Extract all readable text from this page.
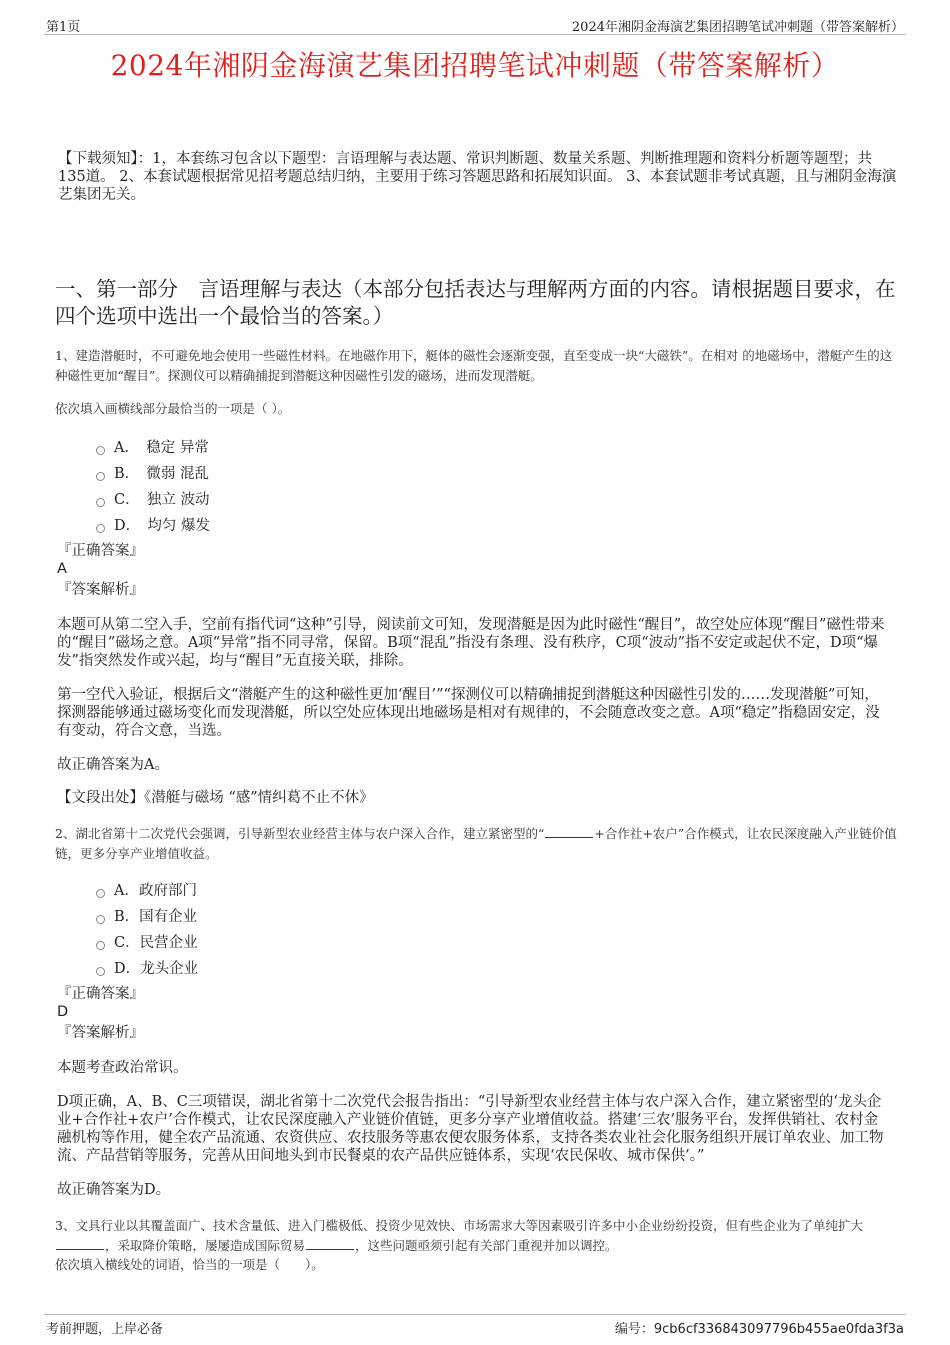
第1页	2024年湘阴金海演艺集团招聘笔试冲刺题（带答案解析）
2024年湘阴金海演艺集团招聘笔试冲刺题（带答案解析）
【下载须知】：1，本套练习包含以下题型：言语理解与表达题、常识判断题、数量关系题、判断推理题和资料分析题等题型；共135道。 2、本套试题根据常见招考题总结归纳，主要用于练习答题思路和拓展知识面。 3、本套试题非考试真题，且与湘阴金海演艺集团无关。
一、第一部分　言语理解与表达（本部分包括表达与理解两方面的内容。请根据题目要求，在四个选项中选出一个最恰当的答案。）
1、建造潜艇时，不可避免地会使用一些磁性材料。在地磁作用下，艇体的磁性会逐渐变强，直至变成一块“大磁铁”。在相对 的地磁场中，潜艇产生的这种磁性更加“醒目”。探测仪可以精确捕捉到潜艇这种因磁性引发的磁场，进而发现潜艇。
依次填入画横线部分最恰当的一项是（ ）。
A．　稳定 异常
B．　微弱 混乱
C．　独立 波动
D．　均匀 爆发
『正确答案』
A
『答案解析』
本题可从第二空入手，空前有指代词“这种”引导，阅读前文可知，发现潜艇是因为此时磁性“醒目”，故空处应体现“醒目”磁性带来的“醒目”磁场之意。A项“异常”指不同寻常，保留。B项“混乱”指没有条理、没有秩序，C项“波动”指不安定或起伏不定，D项“爆发”指突然发作或兴起，均与“醒目”无直接关联，排除。
第一空代入验证，根据后文“潜艇产生的这种磁性更加‘醒目’”“探测仪可以精确捕捉到潜艇这种因磁性引发的……发现潜艇”可知，探测器能够通过磁场变化而发现潜艇，所以空处应体现出地磁场是相对有规律的，不会随意改变之意。A项“稳定”指稳固安定，没有变动，符合文意，当选。
故正确答案为A。
【文段出处】《潜艇与磁场 “感”情纠葛不止不休》
2、湖北省第十二次党代会强调，引导新型农业经营主体与农户深入合作，建立紧密型的“	+合作社+农户”合作模式，让农民深度融入产业链价值链，更多分享产业增值收益。
A．政府部门
B．国有企业
C．民营企业
D．龙头企业
『正确答案』
D
『答案解析』
本题考查政治常识。
D项正确，A、B、C三项错误，湖北省第十二次党代会报告指出：“引导新型农业经营主体与农户深入合作，建立紧密型的‘龙头企业+合作社+农户’合作模式，让农民深度融入产业链价值链，更多分享产业增值收益。搭建‘三农’服务平台，发挥供销社、农村金融机构等作用，健全农产品流通、农资供应、农技服务等惠农便农服务体系，支持各类农业社会化服务组织开展订单农业、加工物流、产品营销等服务，完善从田间地头到市民餐桌的农产品供应链体系，实现‘农民保收、城市保供’。”
故正确答案为D。
3、文具行业以其覆盖面广、技术含量低、进入门槛极低、投资少见效快、市场需求大等因素吸引许多中小企业纷纷投资，但有些企业为了单纯扩大，采取降价策略，屡屡造成国际贸易	，这些问题亟须引起有关部门重视并加以调控。
依次填入横线处的词语，恰当的一项是（　　）。
考前押题，上岸必备	编号：9cb6cf336843097796b455ae0fda3f3a
